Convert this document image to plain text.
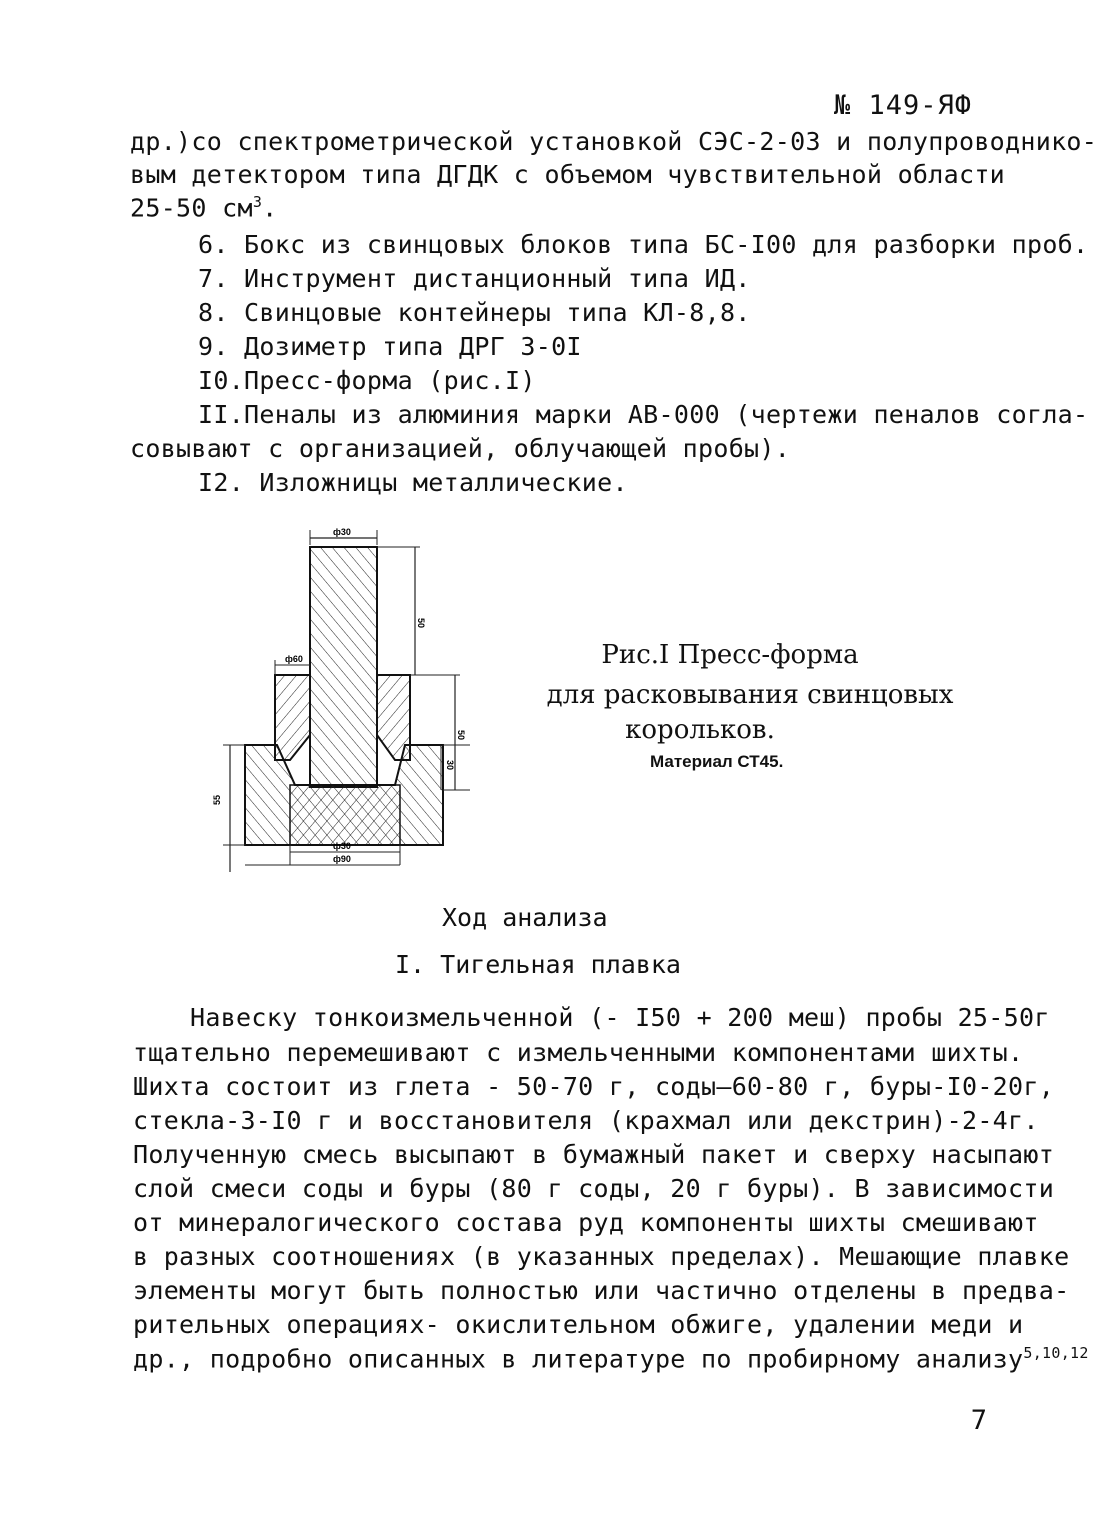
№ 149-ЯФ
др.)со спектрометрической установкой СЭС-2-03 и полупроводнико-
вым детектором типа ДГДК с объемом чувствительной области
25-50 $см^3$.
6. Бокс из свинцовых блоков типа БС-I00 для разборки проб.
7. Инструмент дистанционный типа ИД.
8. Свинцовые контейнеры типа КЛ-8,8.
9. Дозиметр типа ДРГ 3-0I
I0.Пресс-форма (рис.I)
II.Пеналы из алюминия марки АВ-000 (чертежи пеналов согла-
совывают с организацией, облучающей пробы).
I2. Изложницы металлические.
ф30
50
ф60
50
30
55
ф30
ф90
Рис.I Пресс-форма
для расковывания свинцовых
корольков.
Материал СТ45.
Ход анализа
I. Тигельная плавка
Навеску тонкоизмельченной (- I50 + 200 меш) пробы 25-50г
тщательно перемешивают с измельченными компонентами шихты.
Шихта состоит из глета - 50-70 г, соды—60-80 г, буры-I0-20г,
стекла-3-I0 г и восстановителя (крахмал или декстрин)-2-4г.
Полученную смесь высыпают в бумажный пакет и сверху насыпают
слой смеси соды и буры (80 г соды, 20 г буры). В зависимости
от минералогического состава руд компоненты шихты смешивают
в разных соотношениях (в указанных пределах). Мешающие плавке
элементы могут быть полностью или частично отделены в предва-
рительных операциях- окислительном обжиге, удалении меди и
др., подробно описанных в литературе по пробирному анализу$^{5,10,12}$
7
